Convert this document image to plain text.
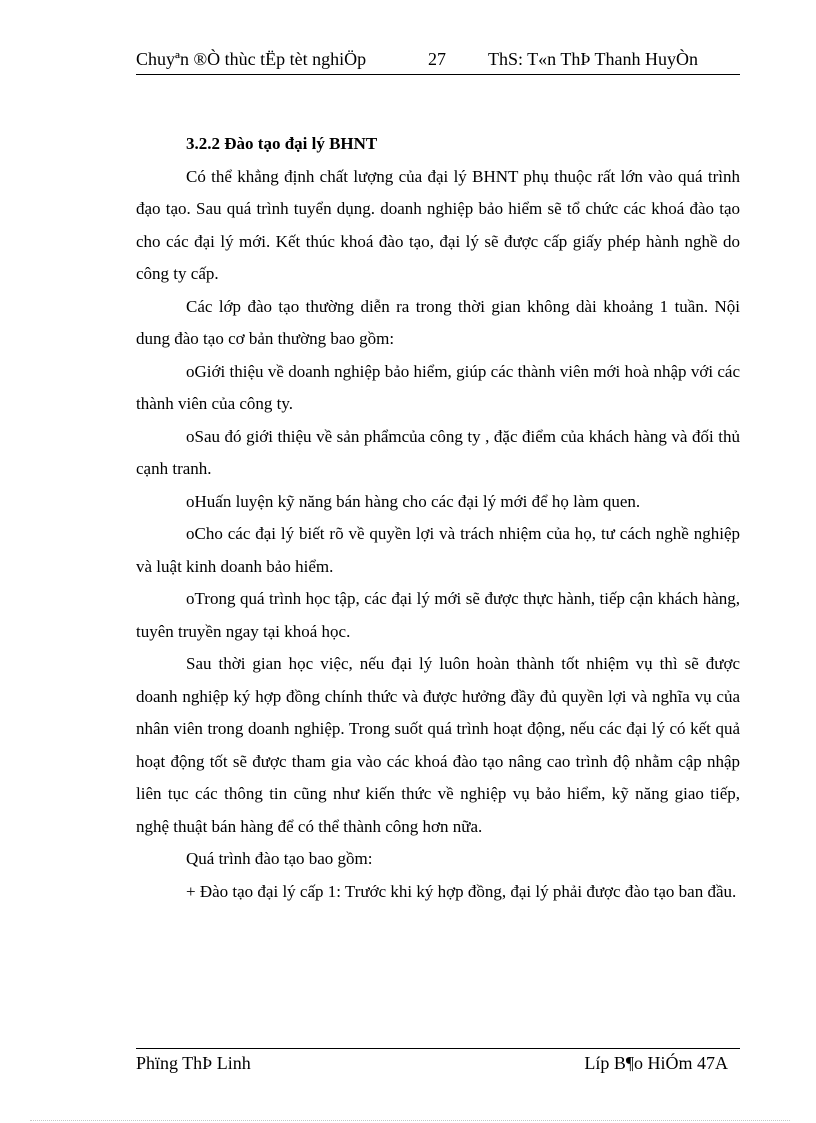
Chuyªn ®Ò thùc tËp tèt nghiÖp	27 ThS: T«n ThÞ Thanh HuyÒn

3.2.2 Đào tạo đại lý BHNT

Có thể khẳng định chất lượng của đại lý BHNT phụ thuộc rất lớn vào quá trình đạo tạo. Sau quá trình tuyển dụng. doanh nghiệp bảo hiểm sẽ tổ chức các khoá đào tạo cho các đại lý mới. Kết thúc khoá đào tạo, đại lý sẽ được cấp giấy phép hành nghề do công ty cấp.

Các lớp đào tạo thường diễn ra trong thời gian không dài khoảng 1 tuần. Nội dung đào tạo cơ bản thường bao gồm:

oGiới thiệu về doanh nghiệp bảo hiểm, giúp các thành viên mới hoà nhập với các thành viên của công ty.

oSau đó giới thiệu về sản phẩmcủa công ty , đặc điểm của khách hàng và đối thủ cạnh tranh.

oHuấn luyện kỹ năng bán hàng cho các đại lý mới để họ làm quen.

oCho các đại lý biết rõ về quyền lợi và trách nhiệm của họ, tư cách nghề nghiệp và luật kinh doanh bảo hiểm.

oTrong quá trình học tập, các đại lý mới sẽ được thực hành, tiếp cận khách hàng, tuyên truyền ngay tại khoá học.

Sau thời gian học việc, nếu đại lý luôn hoàn thành tốt nhiệm vụ thì sẽ được doanh nghiệp ký hợp đồng chính thức và được hưởng đầy đủ quyền lợi và nghĩa vụ của nhân viên trong doanh nghiệp. Trong suốt quá trình hoạt động, nếu các đại lý có kết quả hoạt động tốt sẽ được tham gia vào các khoá đào tạo nâng cao trình độ nhằm cập nhập liên tục các thông tin cũng như kiến thức về nghiệp vụ bảo hiểm, kỹ năng giao tiếp, nghệ thuật bán hàng để có thể thành công hơn nữa.

Quá trình đào tạo bao gồm:

+ Đào tạo đại lý cấp 1: Trước khi ký hợp đồng, đại lý phải được đào tạo ban đầu.

Phïng ThÞ Linh	Líp B¶o HiÓm 47A
